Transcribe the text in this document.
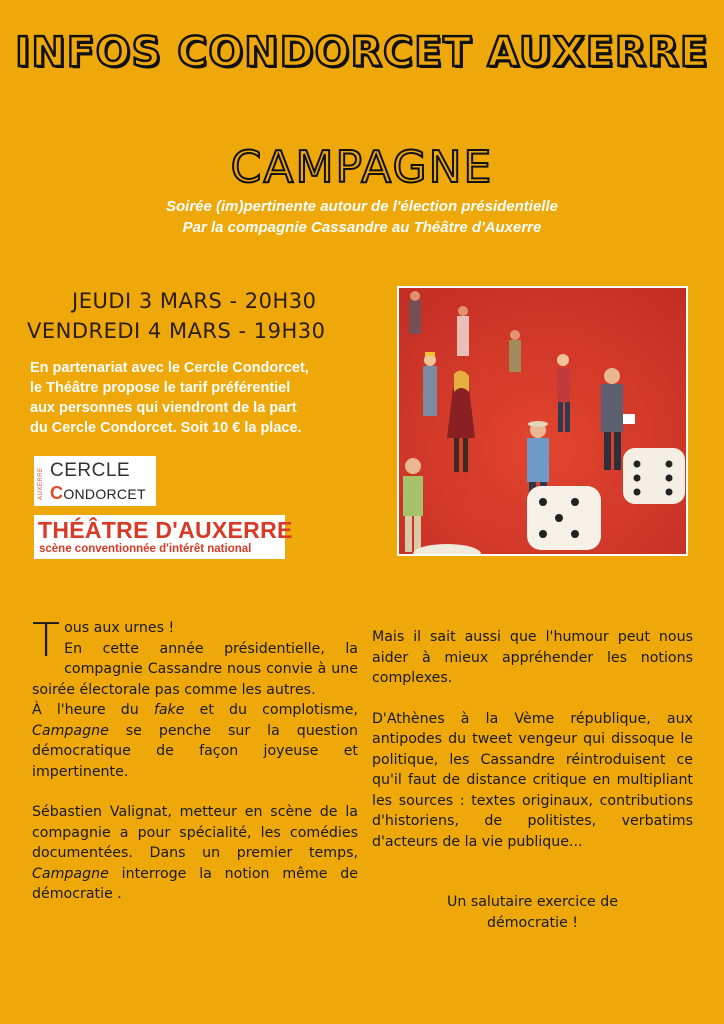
INFOS CONDORCET AUXERRE
CAMPAGNE
Soirée (im)pertinente autour de l'élection présidentielle
Par la compagnie Cassandre au Théâtre d'Auxerre
JEUDI 3 MARS - 20H30
VENDREDI 4 MARS - 19H30
En partenariat avec le Cercle Condorcet,
le Théâtre propose le tarif préférentiel
aux personnes qui viendront de la part
du Cercle Condorcet. Soit 10 € la place.
AUXERRE CERCLE
CONDORCET
THÉÂTRE D'AUXERRE
scène conventionnée d'intérêt national

Tous aux urnes !

En cette année présidentielle, la compagnie Cassandre nous convie à une soirée électorale pas comme les autres.

À l'heure du fake et du complotisme, Campagne se penche sur la question démocratique de façon joyeuse et impertinente.

Sébastien Valignat, metteur en scène de la compagnie a pour spécialité, les comédies documentées. Dans un premier temps, Campagne interroge la notion même de démocratie .

Mais il sait aussi que l'humour peut nous aider à mieux appréhender les notions complexes.

D'Athènes à la Vème république, aux antipodes du tweet vengeur qui dissoque le politique, les Cassandre réintroduisent ce qu'il faut de distance critique en multipliant les sources : textes originaux, contributions d'historiens, de politistes, verbatims d'acteurs de la vie publique...

Un salutaire exercice de

démocratie !
